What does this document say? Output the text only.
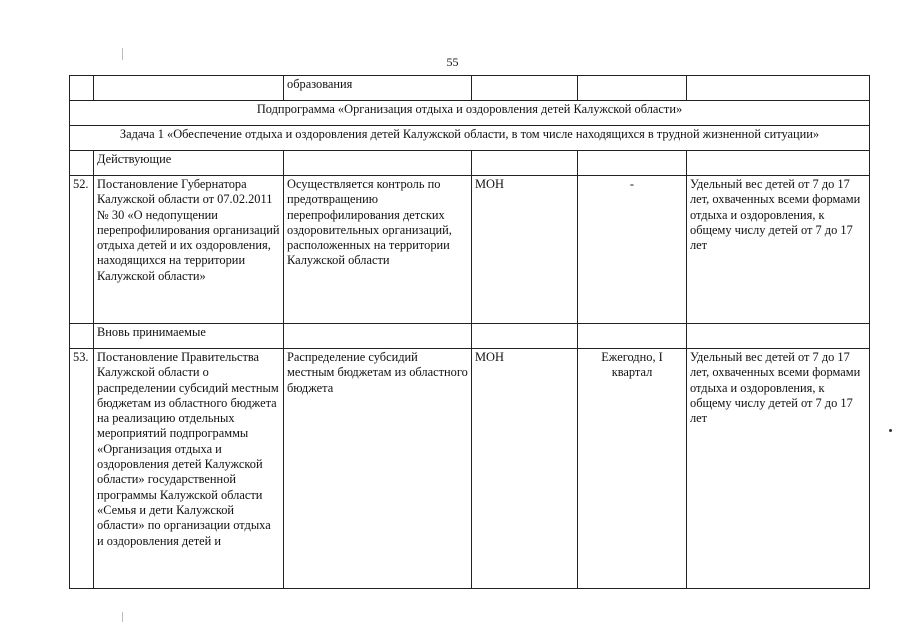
55
		образования			
Подпрограмма «Организация отдыха и оздоровления детей Калужской области»					
Задача 1 «Обеспечение отдыха и оздоровления детей Калужской области, в том числе находящихся в трудной жизненной ситуации»					
	Действующие				
52.	Постановление Губернатора Калужской области от 07.02.2011 № 30 «О недопущении перепрофилирования организаций отдыха детей и их оздоровления, находящихся на территории Калужской области»	Осуществляется контроль по предотвращению перепрофилирования детских оздоровительных организаций, расположенных на территории Калужской области	МОН	-	Удельный вес детей от 7 до 17 лет, охваченных всеми формами отдыха и оздоровления, к общему числу детей от 7 до 17 лет
	Вновь принимаемые				
53.	Постановление Правительства Калужской области о распределении субсидий местным бюджетам из областного бюджета на реализацию отдельных мероприятий подпрограммы «Организация отдыха и оздоровления детей Калужской области» государственной программы Калужской области «Семья и дети Калужской области» по организации отдыха и оздоровления детей и	Распределение субсидий местным бюджетам из областного бюджета	МОН	Ежегодно, I квартал	Удельный вес детей от 7 до 17 лет, охваченных всеми формами отдыха и оздоровления, к общему числу детей от 7 до 17 лет
